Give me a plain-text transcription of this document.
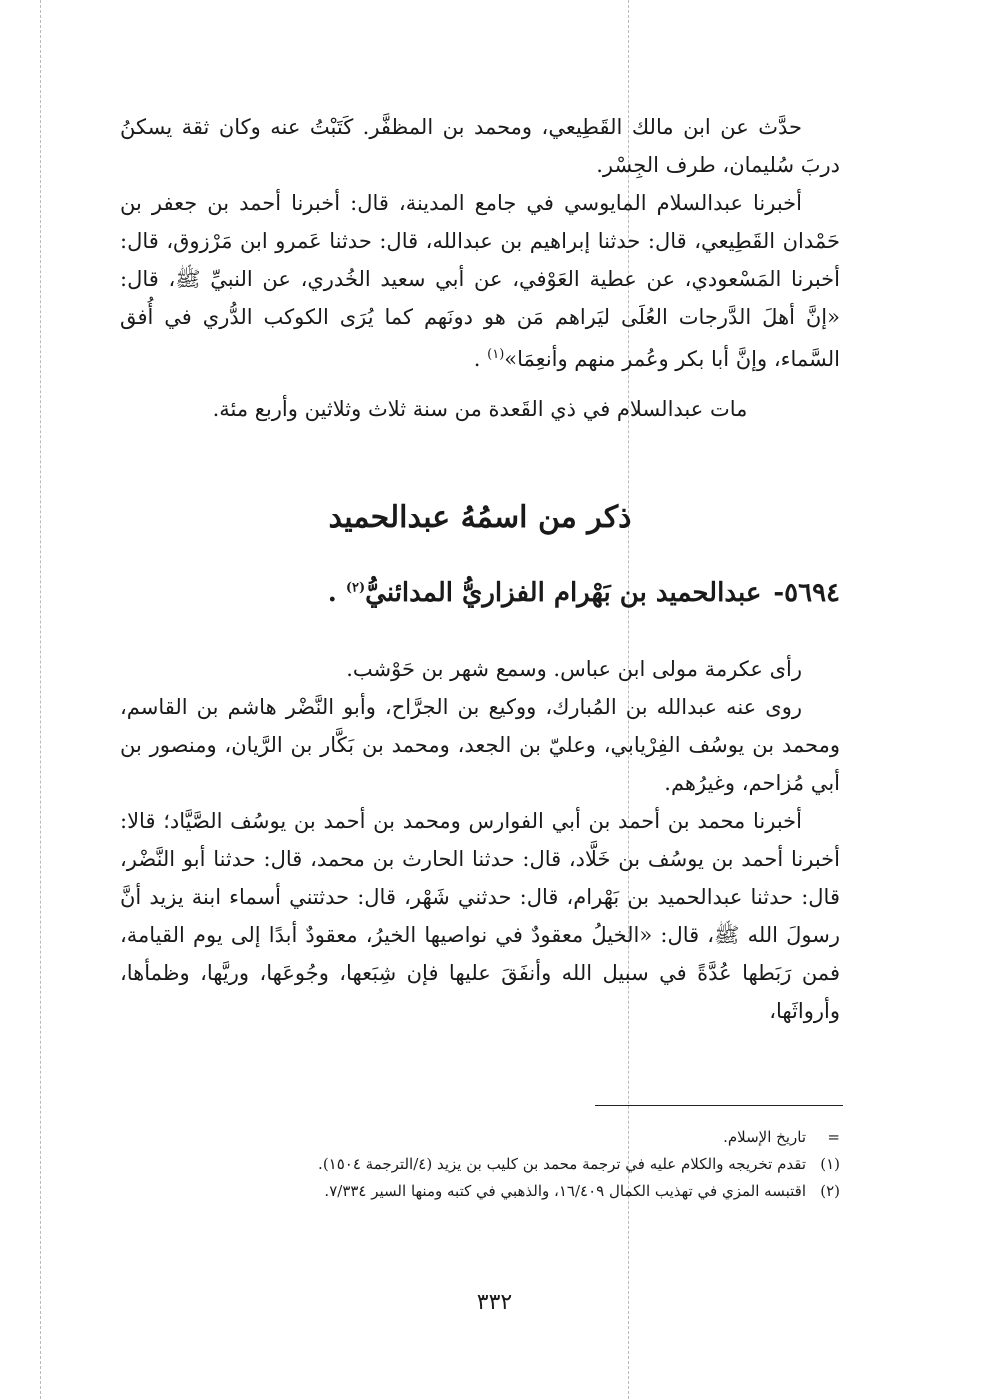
حدَّث عن ابن مالك القَطِيعي، ومحمد بن المظفَّر. كَتَبْتُ عنه وكان ثقة يسكنُ دربَ سُليمان، طرف الجِسْر.

أخبرنا عبدالسلام المايوسي في جامع المدينة، قال: أخبرنا أحمد بن جعفر بن حَمْدان القَطِيعي، قال: حدثنا إبراهيم بن عبدالله، قال: حدثنا عَمرو ابن مَرْزوق، قال: أخبرنا المَسْعودي، عن عطية العَوْفي، عن أبي سعيد الخُدري، عن النبيِّ ﷺ، قال: «إنَّ أهلَ الدَّرجات العُلَى ليَراهم مَن هو دونَهم كما يُرَى الكوكب الدُّري في أُفق السَّماء، وإنَّ أبا بكر وعُمر منهم وأنعِمَا»$^{(١)}$ .

مات عبدالسلام في ذي القَعدة من سنة ثلاث وثلاثين وأربع مئة.

ذكر من اسمُهُ عبدالحميد
٥٦٩٤-عبدالحميد بن بَهْرام الفزاريُّ المدائنيُّ$^{(٢)}$ .

رأى عكرمة مولى ابن عباس. وسمع شهر بن حَوْشب.

روى عنه عبدالله بن المُبارك، ووكيع بن الجرَّاح، وأبو النَّضْر هاشم بن القاسم، ومحمد بن يوسُف الفِرْيابي، وعليّ بن الجعد، ومحمد بن بَكَّار بن الرَّيان، ومنصور بن أبي مُزاحم، وغيرُهم.

أخبرنا محمد بن أحمد بن أبي الفوارس ومحمد بن أحمد بن يوسُف الصَّيَّاد؛ قالا: أخبرنا أحمد بن يوسُف بن خَلَّاد، قال: حدثنا الحارث بن محمد، قال: حدثنا أبو النَّضْر، قال: حدثنا عبدالحميد بن بَهْرام، قال: حدثني شَهْر، قال: حدثتني أسماء ابنة يزيد أنَّ رسولَ الله ﷺ، قال: «الخيلُ معقودٌ في نواصيها الخيرُ، معقودٌ أبدًا إلى يوم القيامة، فمن رَبَطها عُدَّةً في سبيل الله وأنفَقَ عليها فإن شِبَعها، وجُوعَها، وريَّها، وظمأها، وأرواثَها،

=
تاريخ الإسلام.

(١)
تقدم تخريجه والكلام عليه في ترجمة محمد بن كليب بن يزيد (٤/الترجمة ١٥٠٤).

(٢)
اقتبسه المزي في تهذيب الكمال ١٦/٤٠٩، والذهبي في كتبه ومنها السير ٧/٣٣٤.

٣٣٢
